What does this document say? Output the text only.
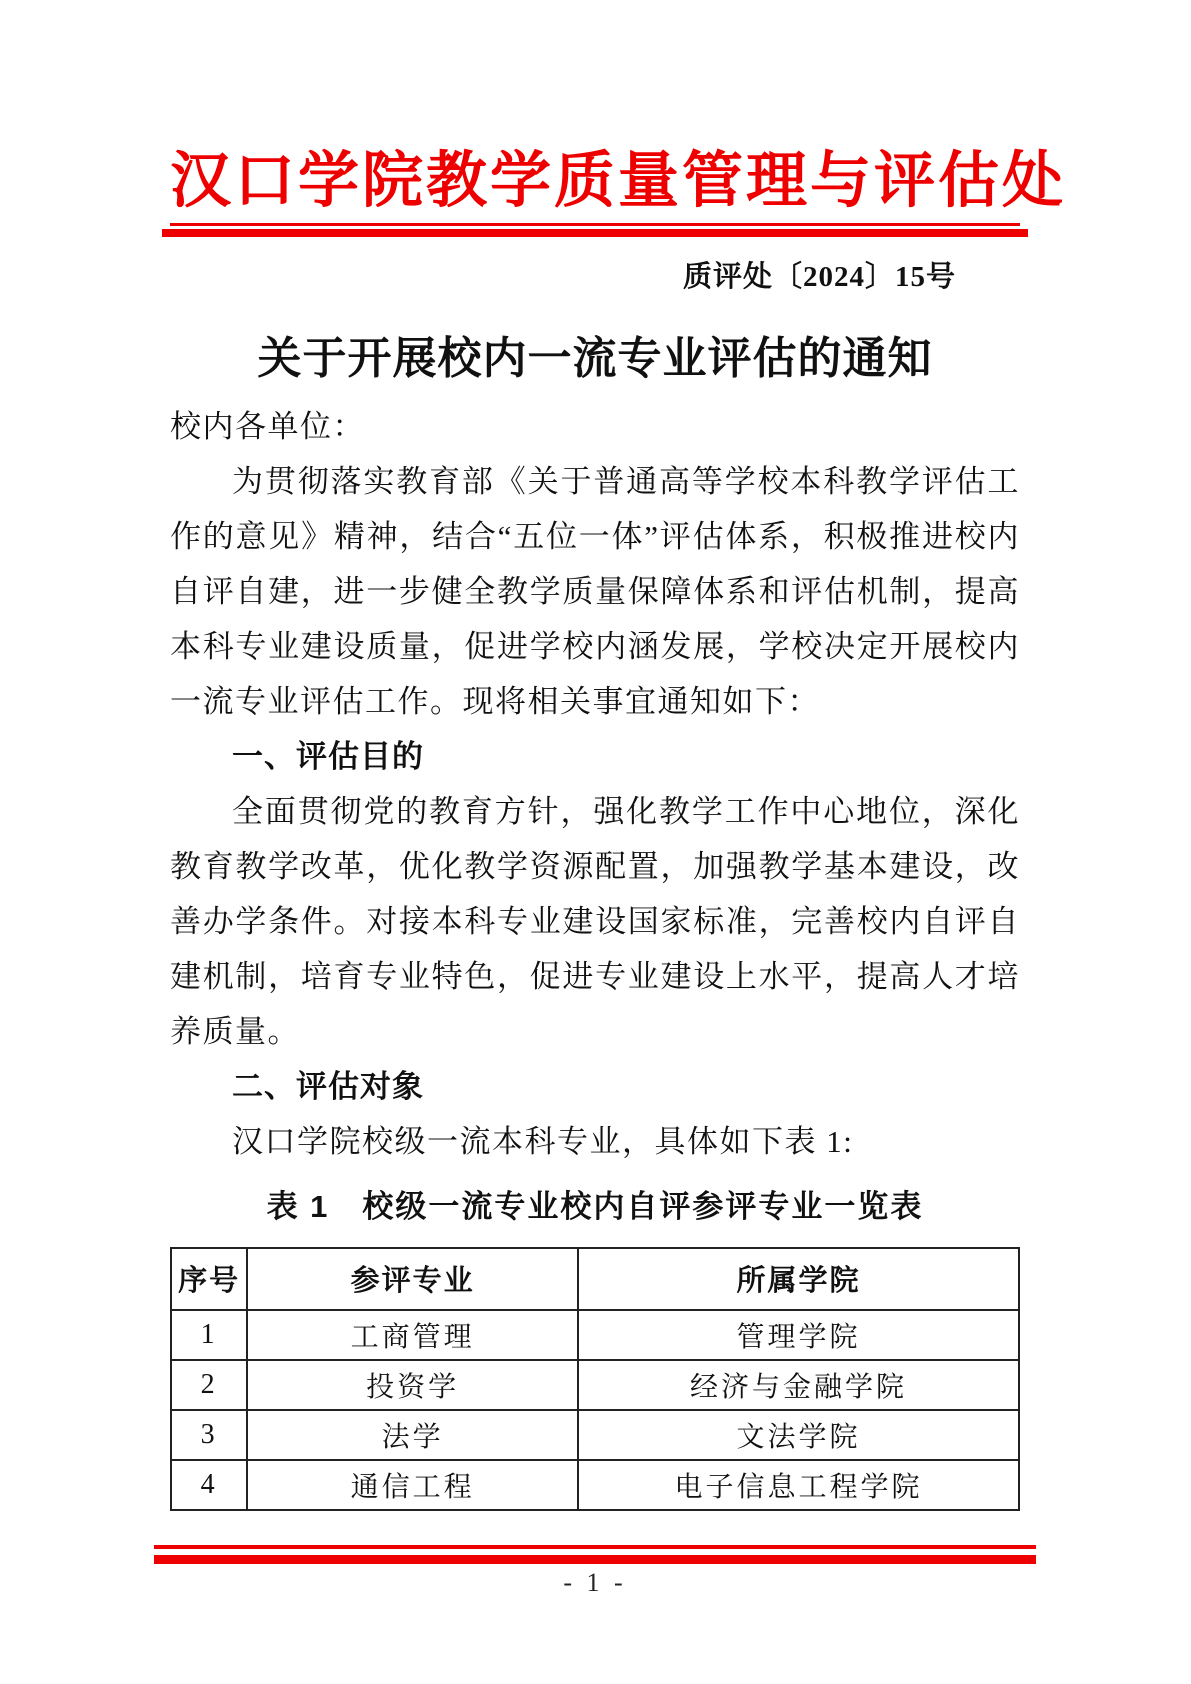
汉口学院教学质量管理与评估处
质评处〔2024〕15号
关于开展校内一流专业评估的通知
校内各单位：
为贯彻落实教育部《关于普通高等学校本科教学评估工作的意见》精神，结合“五位一体”评估体系，积极推进校内自评自建，进一步健全教学质量保障体系和评估机制，提高本科专业建设质量，促进学校内涵发展，学校决定开展校内一流专业评估工作。现将相关事宜通知如下：
一、评估目的
全面贯彻党的教育方针，强化教学工作中心地位，深化教育教学改革，优化教学资源配置，加强教学基本建设，改善办学条件。对接本科专业建设国家标准，完善校内自评自建机制，培育专业特色，促进专业建设上水平，提高人才培养质量。
二、评估对象
汉口学院校级一流本科专业，具体如下表 1:
表 1　校级一流专业校内自评参评专业一览表
序号	参评专业	所属学院
1	工商管理	管理学院
2	投资学	经济与金融学院
3	法学	文法学院
4	通信工程	电子信息工程学院
- 1 -
